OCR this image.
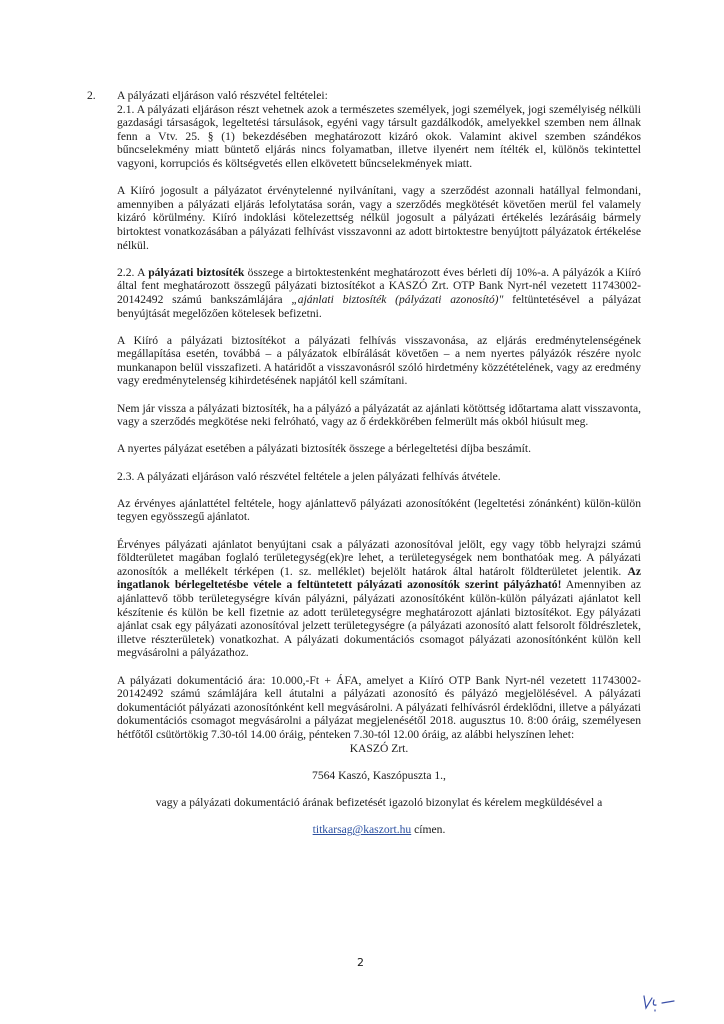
2. A pályázati eljáráson való részvétel feltételei:

2.1. A pályázati eljáráson részt vehetnek azok a természetes személyek, jogi személyek, jogi személyiség nélküli gazdasági társaságok, legeltetési társulások, egyéni vagy társult gazdálkodók, amelyekkel szemben nem állnak fenn a Vtv. 25. § (1) bekezdésében meghatározott kizáró okok. Valamint akivel szemben szándékos bűncselekmény miatt büntető eljárás nincs folyamatban, illetve ilyenért nem ítélték el, különös tekintettel vagyoni, korrupciós és költségvetés ellen elkövetett bűncselekmények miatt.

A Kiíró jogosult a pályázatot érvénytelenné nyilvánítani, vagy a szerződést azonnali hatállyal felmondani, amennyiben a pályázati eljárás lefolytatása során, vagy a szerződés megkötését követően merül fel valamely kizáró körülmény. Kiíró indoklási kötelezettség nélkül jogosult a pályázati értékelés lezárásáig bármely birtoktest vonatkozásában a pályázati felhívást visszavonni az adott birtoktestre benyújtott pályázatok értékelése nélkül.

2.2. A pályázati biztosíték összege a birtoktestenként meghatározott éves bérleti díj 10%-a. A pályázók a Kiíró által fent meghatározott összegű pályázati biztosítékot a KASZÓ Zrt. OTP Bank Nyrt-nél vezetett 11743002-20142492 számú bankszámlájára „ajánlati biztosíték (pályázati azonosító)" feltüntetésével a pályázat benyújtását megelőzően kötelesek befizetni.

A Kiíró a pályázati biztosítékot a pályázati felhívás visszavonása, az eljárás eredménytelenségének megállapítása esetén, továbbá – a pályázatok elbírálását követően – a nem nyertes pályázók részére nyolc munkanapon belül visszafizeti. A határidőt a visszavonásról szóló hirdetmény közzétételének, vagy az eredmény vagy eredménytelenség kihirdetésének napjától kell számítani.

Nem jár vissza a pályázati biztosíték, ha a pályázó a pályázatát az ajánlati kötöttség időtartama alatt visszavonta, vagy a szerződés megkötése neki felróható, vagy az ő érdekkörében felmerült más okból hiúsult meg.

A nyertes pályázat esetében a pályázati biztosíték összege a bérlegeltetési díjba beszámít.

2.3. A pályázati eljáráson való részvétel feltétele a jelen pályázati felhívás átvétele.

Az érvényes ajánlattétel feltétele, hogy ajánlattevő pályázati azonosítóként (legeltetési zónánként) külön-külön tegyen egyösszegű ajánlatot.

Érvényes pályázati ajánlatot benyújtani csak a pályázati azonosítóval jelölt, egy vagy több helyrajzi számú földterületet magában foglaló területegység(ek)re lehet, a területegységek nem bonthatóak meg. A pályázati azonosítók a mellékelt térképen (1. sz. melléklet) bejelölt határok által határolt földterületet jelentik. Az ingatlanok bérlegeltetésbe vétele a feltüntetett pályázati azonosítók szerint pályázható! Amennyiben az ajánlattevő több területegységre kíván pályázni, pályázati azonosítóként külön-külön pályázati ajánlatot kell készítenie és külön be kell fizetnie az adott területegységre meghatározott ajánlati biztosítékot. Egy pályázati ajánlat csak egy pályázati azonosítóval jelzett területegységre (a pályázati azonosító alatt felsorolt földrészletek, illetve részterületek) vonatkozhat. A pályázati dokumentációs csomagot pályázati azonosítónként külön kell megvásárolni a pályázathoz.

A pályázati dokumentáció ára: 10.000,-Ft + ÁFA, amelyet a Kiíró OTP Bank Nyrt-nél vezetett 11743002-20142492 számú számlájára kell átutalni a pályázati azonosító és pályázó megjelölésével. A pályázati dokumentációt pályázati azonosítónként kell megvásárolni. A pályázati felhívásról érdeklődni, illetve a pályázati dokumentációs csomagot megvásárolni a pályázat megjelenésétől 2018. augusztus 10. 8:00 óráig, személyesen hétfőtől csütörtökig 7.30-tól 14.00 óráig, pénteken 7.30-tól 12.00 óráig, az alábbi helyszínen lehet:

KASZÓ Zrt.

7564 Kaszó, Kaszópuszta 1.,

vagy a pályázati dokumentáció árának befizetését igazoló bizonylat és kérelem megküldésével a

titkarsag@kaszort.hu címen.

2
